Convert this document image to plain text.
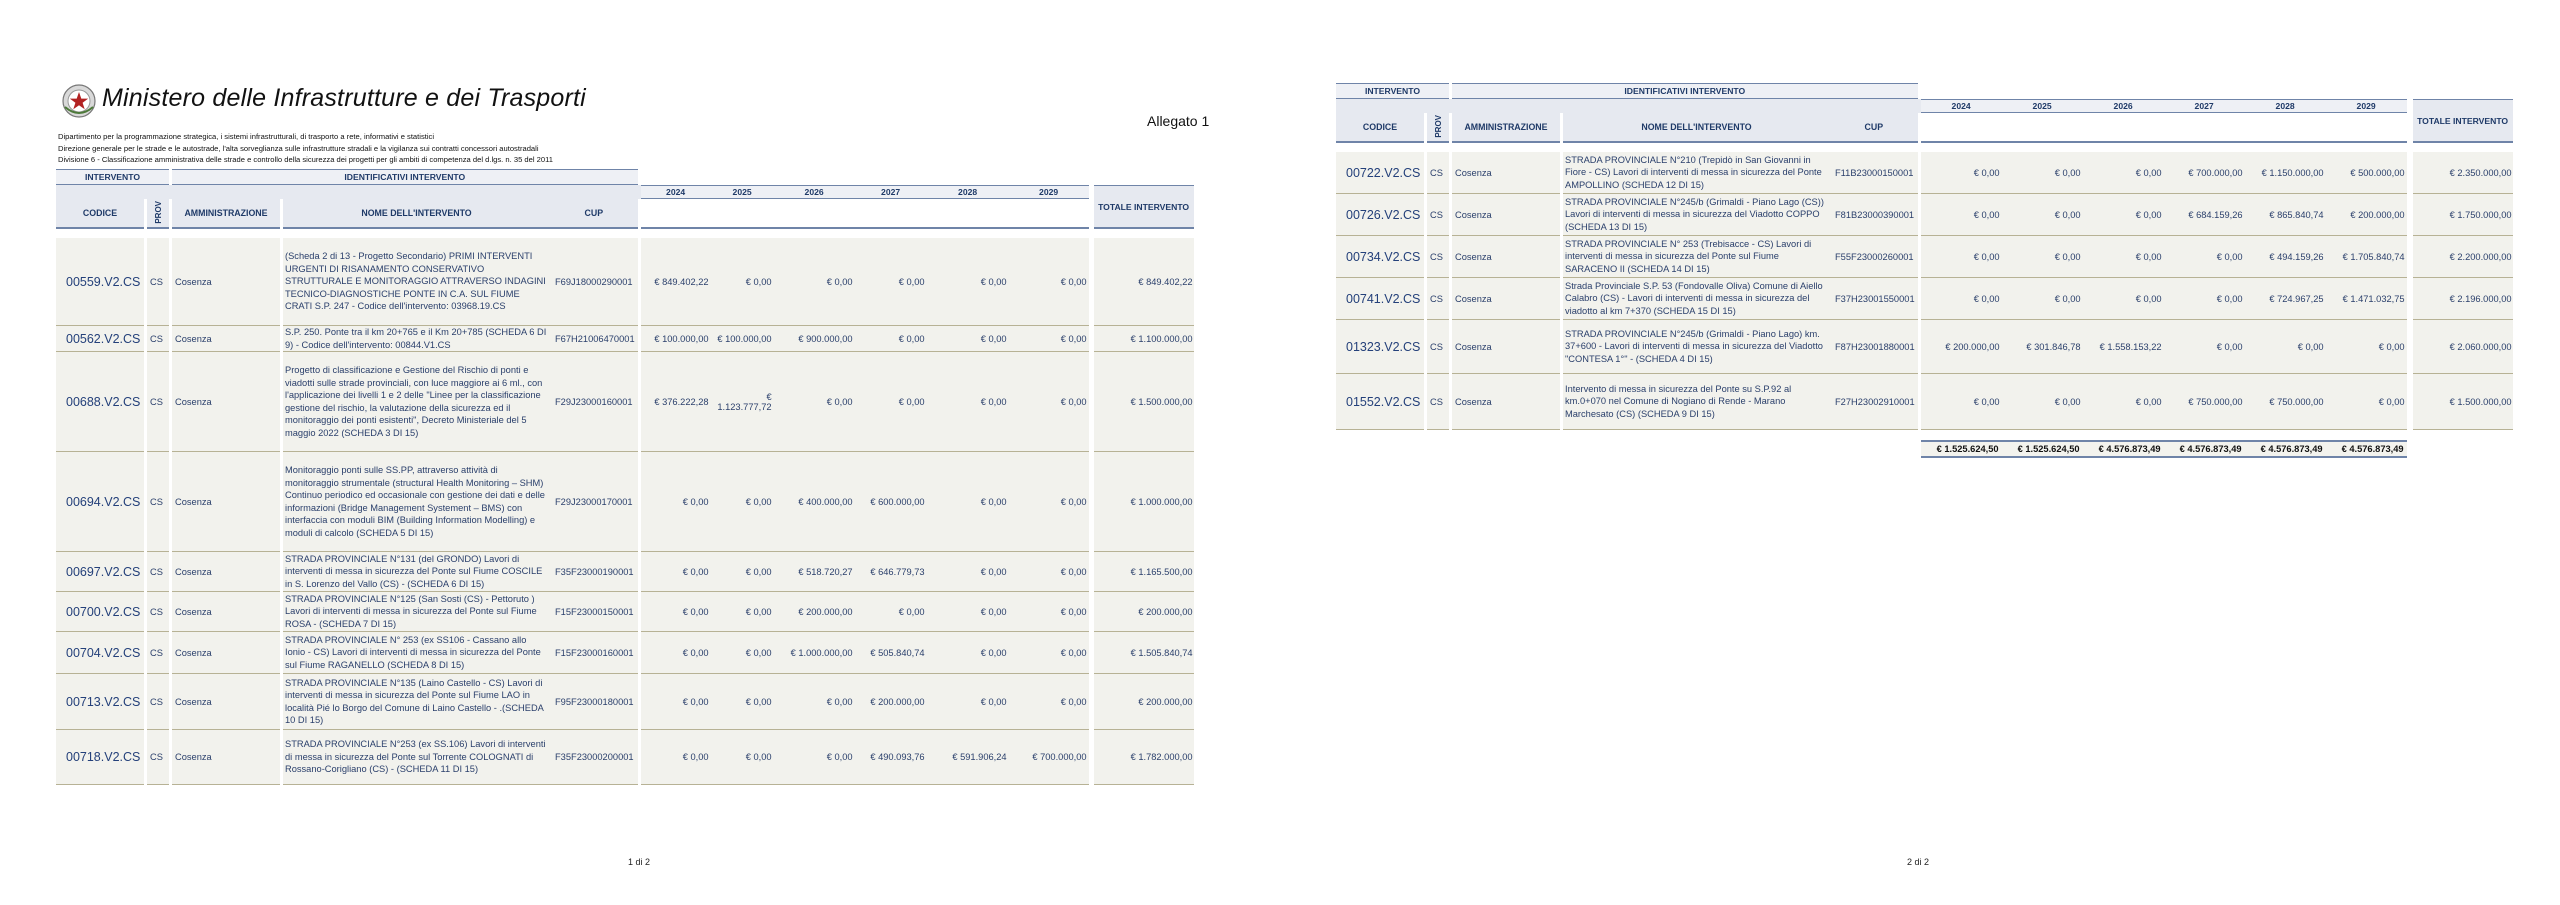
Ministero delle Infrastrutture e dei Trasporti
Dipartimento per la programmazione strategica, i sistemi infrastrutturali, di trasporto a rete, informativi e statistici
Direzione generale per le strade e le autostrade, l'alta sorveglianza sulle infrastrutture stradali e la vigilanza sui contratti concessori autostradali
Divisione 6 - Classificazione amministrativa delle strade e controllo della sicurezza dei progetti per gli ambiti di competenza del d.lgs. n. 35 del 2011
Allegato 1
INTERVENTO				IDENTIFICATIVI INTERVENTO												
									2024	2025	2026	2027	2028	2029		TOTALE INTERVENTO
CODICE		PROV		AMMINISTRAZIONE		NOME DELL'INTERVENTO	CUP									

00559.V2.CS		CS		Cosenza		(Scheda 2 di 13 - Progetto Secondario) PRIMI INTERVENTI URGENTI DI RISANAMENTO CONSERVATIVO STRUTTURALE E MONITORAGGIO ATTRAVERSO INDAGINI TECNICO-DIAGNOSTICHE PONTE IN C.A. SUL FIUME CRATI S.P. 247 - Codice dell'intervento: 03968.19.CS	F69J18000290001		€ 849.402,22	€ 0,00	€ 0,00	€ 0,00	€ 0,00	€ 0,00		€ 849.402,22
00562.V2.CS		CS		Cosenza		S.P. 250. Ponte tra il km 20+765 e il Km 20+785 (SCHEDA 6 DI 9) - Codice dell'intervento: 00844.V1.CS	F67H21006470001		€ 100.000,00	€ 100.000,00	€ 900.000,00	€ 0,00	€ 0,00	€ 0,00		€ 1.100.000,00
00688.V2.CS		CS		Cosenza		Progetto di classificazione e Gestione del Rischio di ponti e viadotti sulle strade provinciali, con luce maggiore ai 6 ml., con l'applicazione dei livelli 1 e 2 delle "Linee per la classificazione gestione del rischio, la valutazione della sicurezza ed il monitoraggio dei ponti esistenti", Decreto Ministeriale del 5 maggio 2022 (SCHEDA 3 DI 15)	F29J23000160001		€ 376.222,28	€ 1.123.777,72	€ 0,00	€ 0,00	€ 0,00	€ 0,00		€ 1.500.000,00
00694.V2.CS		CS		Cosenza		Monitoraggio ponti sulle SS.PP, attraverso attività di monitoraggio strumentale (structural Health Monitoring – SHM) Continuo periodico ed occasionale con gestione dei dati e delle informazioni (Bridge Management Systement – BMS) con interfaccia con moduli BIM (Building Information Modelling) e moduli di calcolo (SCHEDA 5 DI 15)	F29J23000170001		€ 0,00	€ 0,00	€ 400.000,00	€ 600.000,00	€ 0,00	€ 0,00		€ 1.000.000,00
00697.V2.CS		CS		Cosenza		STRADA PROVINCIALE N°131 (del GRONDO) Lavori di interventi di messa in sicurezza del Ponte sul Fiume COSCILE in S. Lorenzo del Vallo (CS) - (SCHEDA 6 DI 15)	F35F23000190001		€ 0,00	€ 0,00	€ 518.720,27	€ 646.779,73	€ 0,00	€ 0,00		€ 1.165.500,00
00700.V2.CS		CS		Cosenza		STRADA PROVINCIALE N°125 (San Sosti (CS) - Pettoruto ) Lavori di interventi di messa in sicurezza del Ponte sul Fiume ROSA - (SCHEDA 7 DI 15)	F15F23000150001		€ 0,00	€ 0,00	€ 200.000,00	€ 0,00	€ 0,00	€ 0,00		€ 200.000,00
00704.V2.CS		CS		Cosenza		STRADA PROVINCIALE N° 253 (ex SS106 - Cassano allo Ionio - CS) Lavori di interventi di messa in sicurezza del Ponte sul Fiume RAGANELLO (SCHEDA 8 DI 15)	F15F23000160001		€ 0,00	€ 0,00	€ 1.000.000,00	€ 505.840,74	€ 0,00	€ 0,00		€ 1.505.840,74
00713.V2.CS		CS		Cosenza		STRADA PROVINCIALE N°135 (Laino Castello - CS) Lavori di interventi di messa in sicurezza del Ponte sul Fiume LAO in località Pié lo Borgo del Comune di Laino Castello - .(SCHEDA 10 DI 15)	F95F23000180001		€ 0,00	€ 0,00	€ 0,00	€ 200.000,00	€ 0,00	€ 0,00		€ 200.000,00
00718.V2.CS		CS		Cosenza		STRADA PROVINCIALE N°253 (ex SS.106) Lavori di interventi di messa in sicurezza del Ponte sul Torrente COLOGNATI di Rossano-Corigliano (CS) - (SCHEDA 11 DI 15)	F35F23000200001		€ 0,00	€ 0,00	€ 0,00	€ 490.093,76	€ 591.906,24	€ 700.000,00		€ 1.782.000,00
1 di 2
INTERVENTO				IDENTIFICATIVI INTERVENTO												
									2024	2025	2026	2027	2028	2029		TOTALE INTERVENTO
CODICE		PROV		AMMINISTRAZIONE		NOME DELL'INTERVENTO	CUP									

00722.V2.CS		CS		Cosenza		STRADA PROVINCIALE N°210 (Trepidò in San Giovanni in Fiore - CS) Lavori di interventi di messa in sicurezza del Ponte AMPOLLINO (SCHEDA 12 DI 15)	F11B23000150001		€ 0,00	€ 0,00	€ 0,00	€ 700.000,00	€ 1.150.000,00	€ 500.000,00		€ 2.350.000,00
00726.V2.CS		CS		Cosenza		STRADA PROVINCIALE N°245/b (Grimaldi - Piano Lago (CS)) Lavori di interventi di messa in sicurezza del Viadotto COPPO (SCHEDA 13 DI 15)	F81B23000390001		€ 0,00	€ 0,00	€ 0,00	€ 684.159,26	€ 865.840,74	€ 200.000,00		€ 1.750.000,00
00734.V2.CS		CS		Cosenza		STRADA PROVINCIALE N° 253 (Trebisacce - CS) Lavori di interventi di messa in sicurezza del Ponte sul Fiume SARACENO II (SCHEDA 14 DI 15)	F55F23000260001		€ 0,00	€ 0,00	€ 0,00	€ 0,00	€ 494.159,26	€ 1.705.840,74		€ 2.200.000,00
00741.V2.CS		CS		Cosenza		Strada Provinciale S.P. 53 (Fondovalle Oliva) Comune di Aiello Calabro (CS) - Lavori di interventi di messa in sicurezza del viadotto al km 7+370 (SCHEDA 15 DI 15)	F37H23001550001		€ 0,00	€ 0,00	€ 0,00	€ 0,00	€ 724.967,25	€ 1.471.032,75		€ 2.196.000,00
01323.V2.CS		CS		Cosenza		STRADA PROVINCIALE N°245/b (Grimaldi - Piano Lago) km. 37+600 - Lavori di interventi di messa in sicurezza del Viadotto "CONTESA 1°" - (SCHEDA 4 DI 15)	F87H23001880001		€ 200.000,00	€ 301.846,78	€ 1.558.153,22	€ 0,00	€ 0,00	€ 0,00		€ 2.060.000,00
01552.V2.CS		CS		Cosenza		Intervento di messa in sicurezza del Ponte su S.P.92 al km.0+070 nel Comune di Nogiano di Rende - Marano Marchesato (CS) (SCHEDA 9 DI 15)	F27H23002910001		€ 0,00	€ 0,00	€ 0,00	€ 750.000,00	€ 750.000,00	€ 0,00		€ 1.500.000,00

									€ 1.525.624,50	€ 1.525.624,50	€ 4.576.873,49	€ 4.576.873,49	€ 4.576.873,49	€ 4.576.873,49		
2 di 2
